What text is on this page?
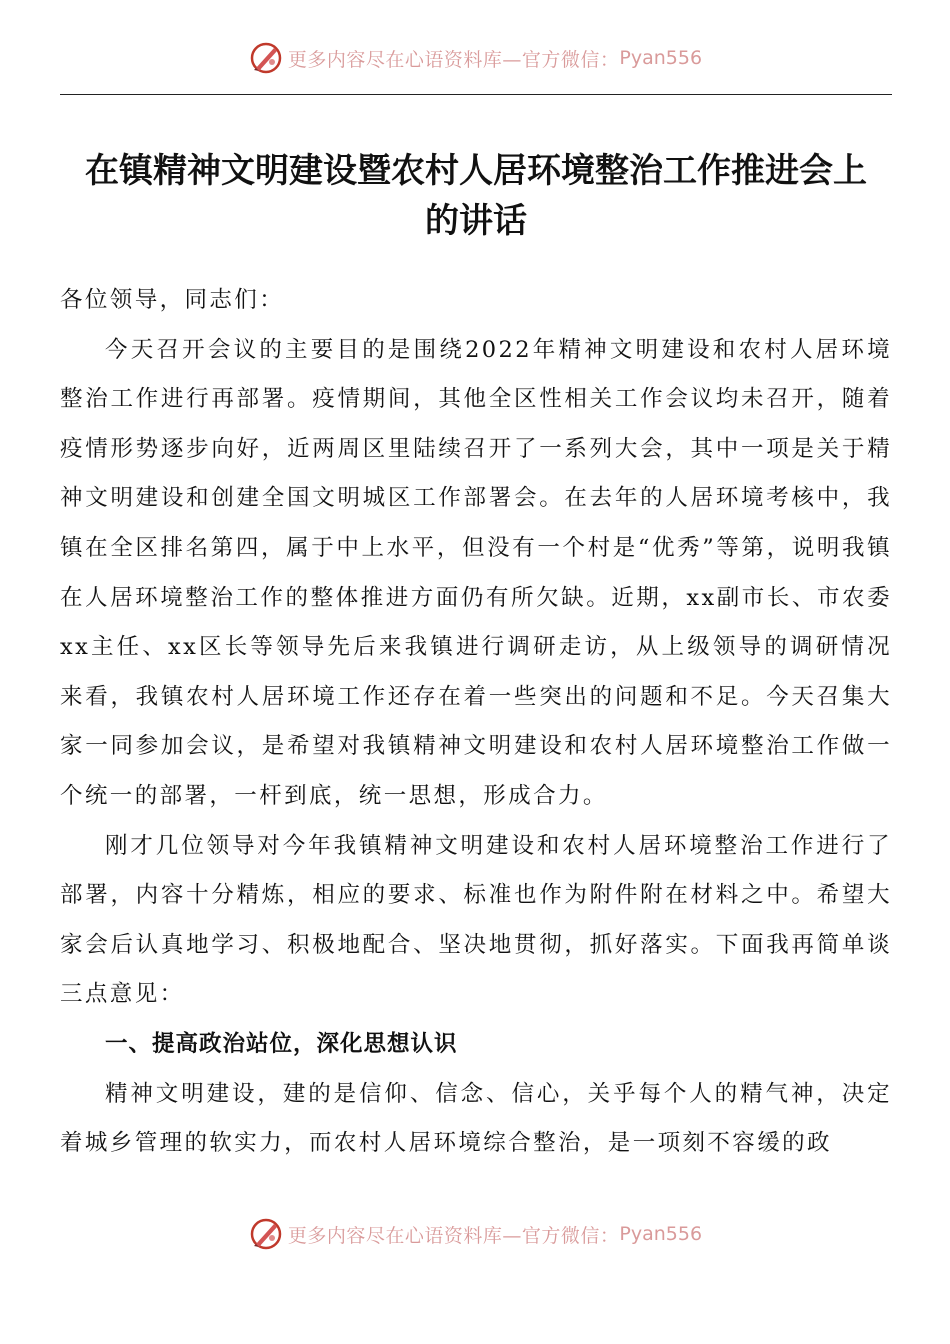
更多内容尽在心语资料库—官方微信： Pyan556
在镇精神文明建设暨农村人居环境整治工作推进会上
的讲话

各位领导，同志们：

今天召开会议的主要目的是围绕2022年精神文明建设和农村人居环境整治工作进行再部署。疫情期间，其他全区性相关工作会议均未召开，随着疫情形势逐步向好，近两周区里陆续召开了一系列大会，其中一项是关于精神文明建设和创建全国文明城区工作部署会。在去年的人居环境考核中，我镇在全区排名第四，属于中上水平，但没有一个村是“优秀”等第，说明我镇在人居环境整治工作的整体推进方面仍有所欠缺。近期，xx副市长、市农委xx主任、xx区长等领导先后来我镇进行调研走访，从上级领导的调研情况来看，我镇农村人居环境工作还存在着一些突出的问题和不足。今天召集大家一同参加会议，是希望对我镇精神文明建设和农村人居环境整治工作做一个统一的部署，一杆到底，统一思想，形成合力。

刚才几位领导对今年我镇精神文明建设和农村人居环境整治工作进行了部署，内容十分精炼，相应的要求、标准也作为附件附在材料之中。希望大家会后认真地学习、积极地配合、坚决地贯彻，抓好落实。下面我再简单谈三点意见：

一、提高政治站位，深化思想认识

精神文明建设，建的是信仰、信念、信心，关乎每个人的精气神，决定着城乡管理的软实力，而农村人居环境综合整治，是一项刻不容缓的政

更多内容尽在心语资料库—官方微信： Pyan556
